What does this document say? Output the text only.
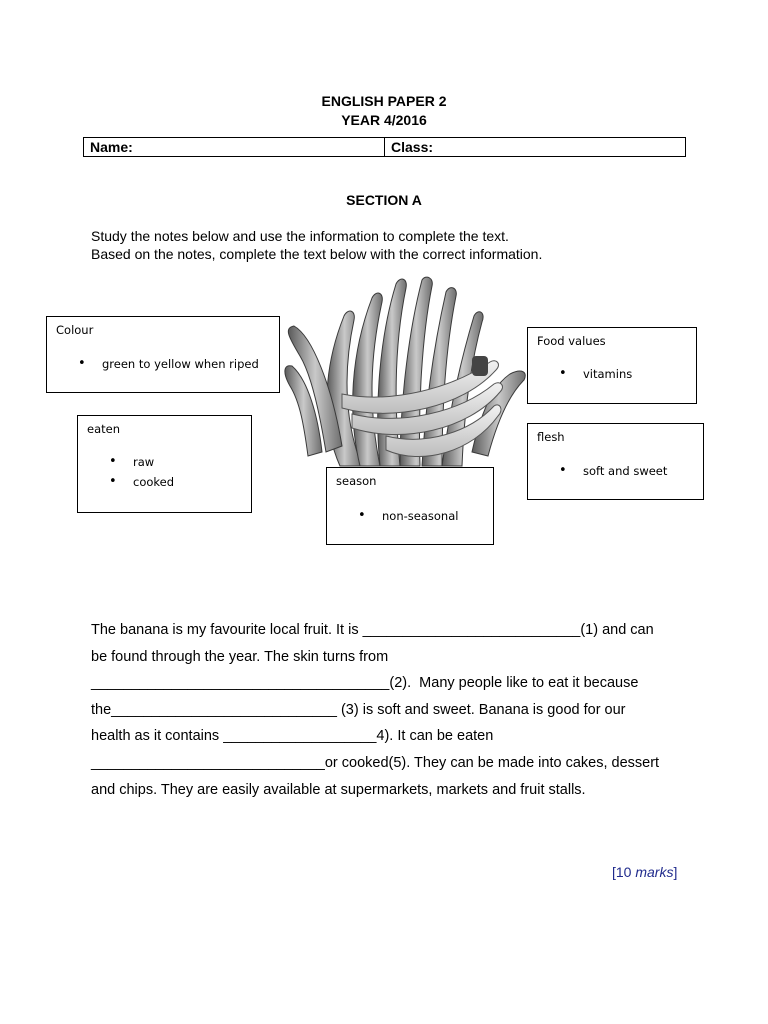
ENGLISH PAPER 2
YEAR 4/2016
Name:	Class:
SECTION A
Study the notes below and use the information to complete the text.
Based on the notes, complete the text below with the correct information.
Colour
• green to yellow when riped
eaten
• raw
• cooked	season
• non-seasonal
Food values
• vitamins
flesh
• soft and sweet
The banana is my favourite local fruit. It is ___________________________(1) and can
be found through the year. The skin turns from
_____________________________________(2).  Many people like to eat it because
the____________________________ (3) is soft and sweet. Banana is good for our
health as it contains ___________________4). It can be eaten
_____________________________or cooked(5). They can be made into cakes, dessert
and chips. They are easily available at supermarkets, markets and fruit stalls.
[10 marks]
